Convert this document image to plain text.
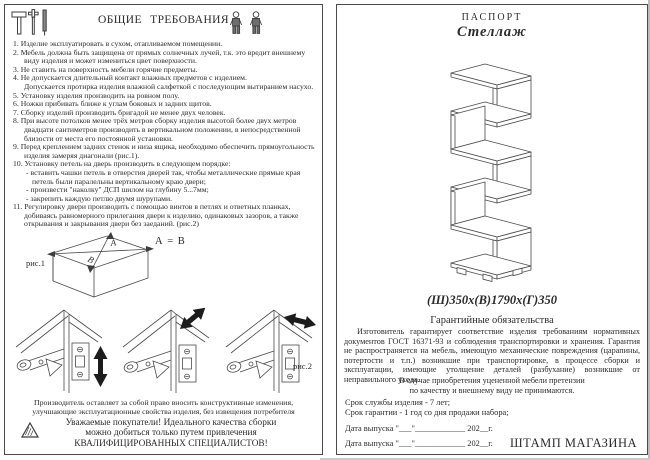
ОБЩИЕ ТРЕБОВАНИЯ
1. Изделие эксплуатировать в сухом, отапливаемом помещении.
2. Мебель должна быть защищена от прямых солнечных лучей, т.к. это вредит внешнему виду изделия и может измениться цвет поверхности.
3. Не ставить на поверхность мебели горячие предметы.
4. Не допускается длительный контакт влажных предметов с изделием.
Допускается протирка изделия влажной салфеткой с последующим вытиранием насухо.
5. Установку изделия производить на ровном полу.
6. Ножки прибивать ближе к углам боковых и задних щитов.
7. Сборку изделий производить бригадой не менее двух человек.
8. При высоте потолков менее трёх метров сборку изделия высотой более двух метров двадцати сантиметров производить в вертикальном положении, в непосредственной близости от места его постоянной установки.
9. Перед креплением задних стенок и низа ящика, необходимо обеспечить прямоугольность изделия замеряя диагонали (рис.1).
10. Установку петель на дверь производить в следующем порядке:
- вставить чашки петель в отверстия дверей так, чтобы металлические прямые края петель были паралельны вертикальному краю двери;
- произвести "наколку" ДСП шилом на глубину 5...7мм;
- закрепить каждую петлю двумя шурупами.
11. Регулировку двери производить с помощью винтов в петлях и ответных планках, добиваясь равномерного прилегания двери к изделию, одинаковых зазоров, а также открывания и закрывания двери без заеданий. (рис.2)
рис.1
А
В
А = В
рис.2
Производитель оставляет за собой право вносить конструктивные изменения,
улучшающие эксплуатационные свойства изделия, без извещения потребителя
Уважаемые покупатели! Идеального качества сборки
можно добиться только путем привлечения
КВАЛИФИЦИРОВАННЫХ СПЕЦИАЛИСТОВ!
ПАСПОРТ
Стеллаж
(Ш)350х(В)1790х(Г)350
Гарантийные обязательства
Изготовитель гарантирует соответствие изделия требованиям нормативных документов ГОСТ 16371-93 и соблюдения транспортировки и хранения. Гарантия не распространяется на мебель, имеющую механические повреждения (царапины, потертости и т.п.) возникшие при транспортировке, в процессе сборки и эксплуатации, имеющие утолщение деталей (разбухание) возникшие от неправильного ухода.
В случае приобретения уцененной мебели претензии
по качеству и внешнему виду не принимаются.
Срок службы изделия - 7 лет;
Срок гарантии - 1 год со дня продажи набора;
Дата выпуска "___"____________ 202__г.
Дата выпуска "___"____________ 202__г. ШТАМП МАГАЗИНА
